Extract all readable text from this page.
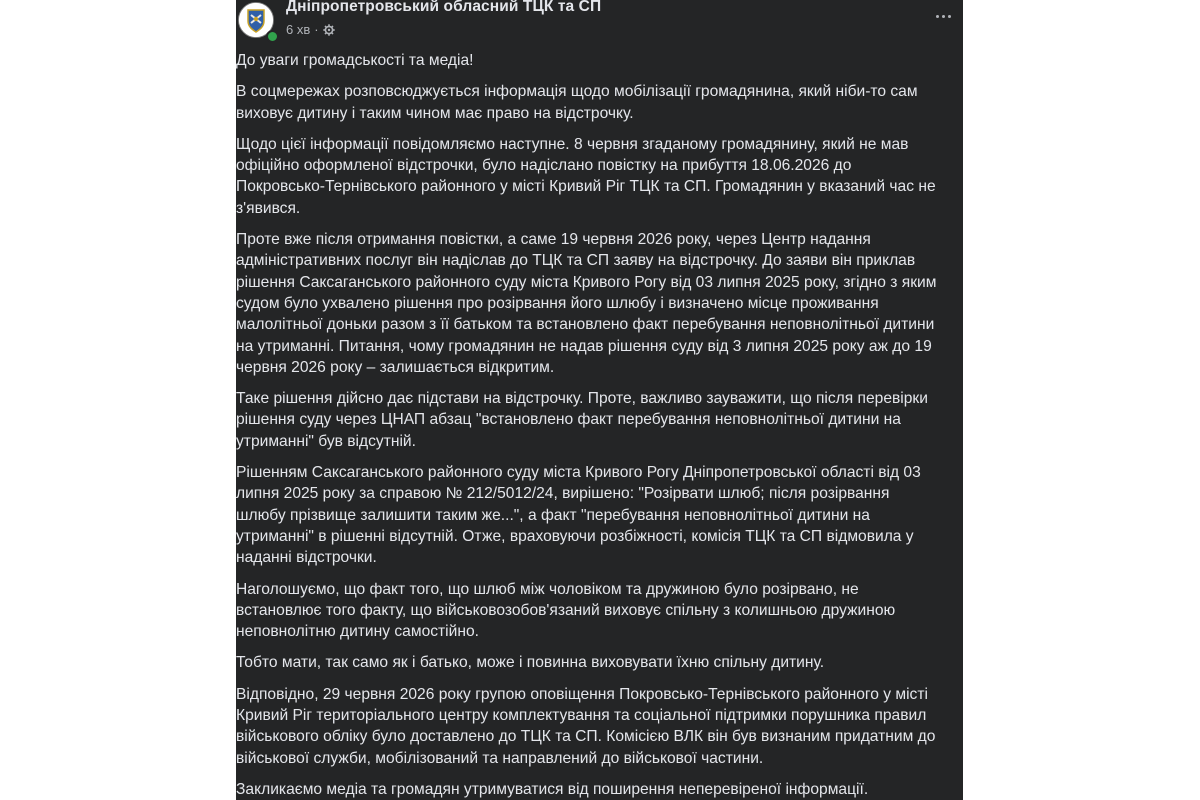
Дніпропетровський обласний ТЦК та СП
6 хв ·

До уваги громадськості та медіа!

В соцмережах розповсюджується інформація щодо мобілізації громадянина, який ніби-то сам
виховує дитину і таким чином має право на відстрочку.

Щодо цієї інформації повідомляємо наступне. 8 червня згаданому громадянину, який не мав
офіційно оформленої відстрочки, було надіслано повістку на прибуття 18.06.2026 до
Покровсько-Тернівського районного у місті Кривий Ріг ТЦК та СП. Громадянин у вказаний час не
з'явився.

Проте вже після отримання повістки, а саме 19 червня 2026 року, через Центр надання
адміністративних послуг він надіслав до ТЦК та СП заяву на відстрочку. До заяви він приклав
рішення Саксаганського районного суду міста Кривого Рогу від 03 липня 2025 року, згідно з яким
судом було ухвалено рішення про розірвання його шлюбу і визначено місце проживання
малолітньої доньки разом з її батьком та встановлено факт перебування неповнолітньої дитини
на утриманні. Питання, чому громадянин не надав рішення суду від 3 липня 2025 року аж до 19
червня 2026 року – залишається відкритим.

Таке рішення дійсно дає підстави на відстрочку. Проте, важливо зауважити, що після перевірки
рішення суду через ЦНАП абзац "встановлено факт перебування неповнолітньої дитини на
утриманні" був відсутній.

Рішенням Саксаганського районного суду міста Кривого Рогу Дніпропетровської області від 03
липня 2025 року за справою № 212/5012/24, вирішено: "Розірвати шлюб; після розірвання
шлюбу прізвище залишити таким же...", а факт "перебування неповнолітньої дитини на
утриманні" в рішенні відсутній. Отже, враховуючи розбіжності, комісія ТЦК та СП відмовила у
наданні відстрочки.

Наголошуємо, що факт того, що шлюб між чоловіком та дружиною було розірвано, не
встановлює того факту, що військовозобов'язаний виховує спільну з колишньою дружиною
неповнолітню дитину самостійно.

Тобто мати, так само як і батько, може і повинна виховувати їхню спільну дитину.

Відповідно, 29 червня 2026 року групою оповіщення Покровсько-Тернівського районного у місті
Кривий Ріг територіального центру комплектування та соціальної підтримки порушника правил
військового обліку було доставлено до ТЦК та СП. Комісією ВЛК він був визнаним придатним до
військової служби, мобілізований та направлений до військової частини.

Закликаємо медіа та громадян утримуватися від поширення неперевіреної інформації.
